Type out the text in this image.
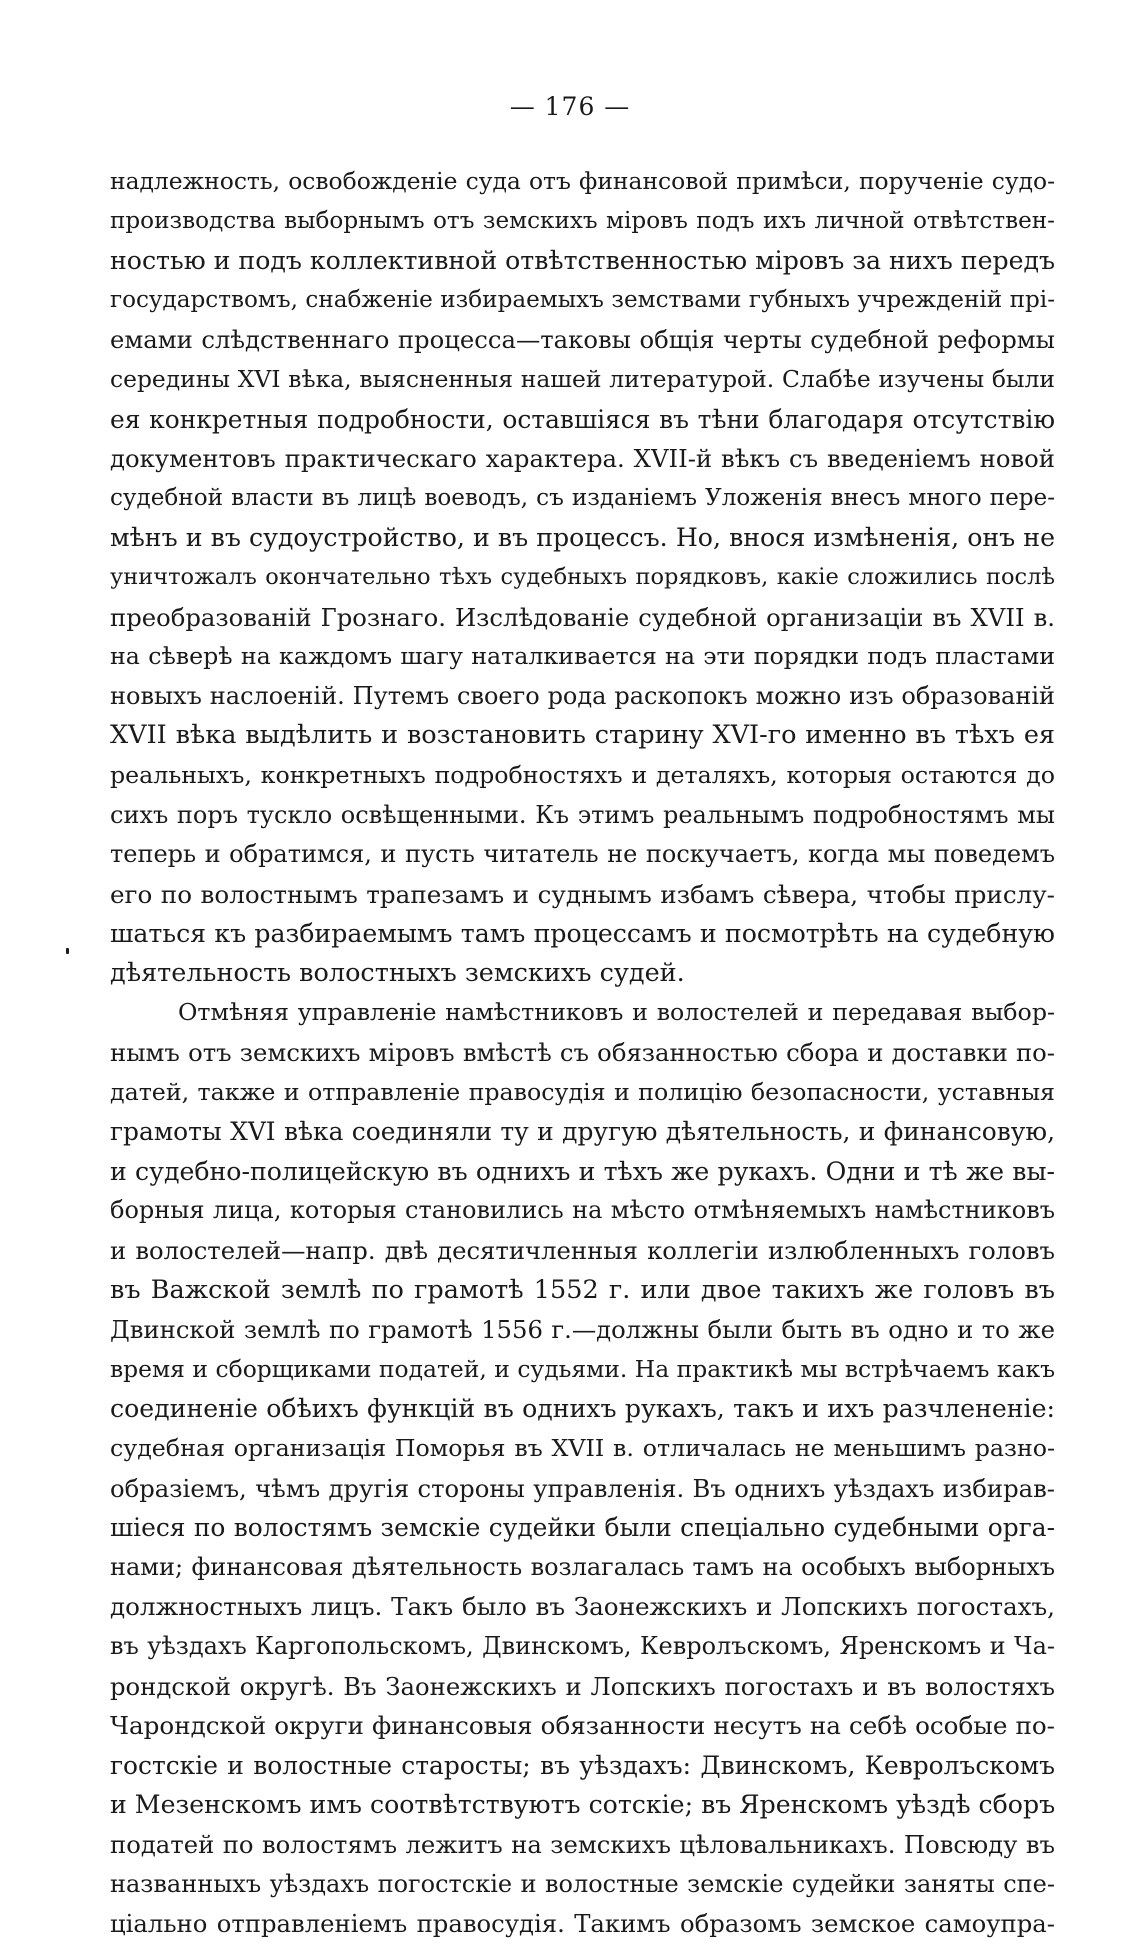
— 176 —
надлежность, освобожденіе суда отъ финансовой примѣси, порученіе судо-
производства выборнымъ отъ земскихъ міровъ подъ ихъ личной отвѣтствен-
ностью и подъ коллективной отвѣтственностью міровъ за нихъ передъ
государствомъ, снабженіе избираемыхъ земствами губныхъ учрежденій прі-
емами слѣдственнаго процесса—таковы общія черты судебной реформы
середины XVI вѣка, выясненныя нашей литературой. Слабѣе изучены были
ея конкретныя подробности, оставшіяся въ тѣни благодаря отсутствію
документовъ практическаго характера. XVII-й вѣкъ съ введеніемъ новой
судебной власти въ лицѣ воеводъ, съ изданіемъ Уложенія внесъ много пере-
мѣнъ и въ судоустройство, и въ процессъ. Но, внося измѣненія, онъ не
уничтожалъ окончательно тѣхъ судебныхъ порядковъ, какіе сложились послѣ
преобразованій Грознаго. Изслѣдованіе судебной организаціи въ XVII в.
на сѣверѣ на каждомъ шагу наталкивается на эти порядки подъ пластами
новыхъ наслоеній. Путемъ своего рода раскопокъ можно изъ образованій
XVII вѣка выдѣлить и возстановить старину XVI-го именно въ тѣхъ ея
реальныхъ, конкретныхъ подробностяхъ и деталяхъ, которыя остаются до
сихъ поръ тускло освѣщенными. Къ этимъ реальнымъ подробностямъ мы
теперь и обратимся, и пусть читатель не поскучаетъ, когда мы поведемъ
его по волостнымъ трапезамъ и суднымъ избамъ сѣвера, чтобы прислу-
шаться къ разбираемымъ тамъ процессамъ и посмотрѣть на судебную
дѣятельность волостныхъ земскихъ судей.
Отмѣняя управленіе намѣстниковъ и волостелей и передавая выбор-
нымъ отъ земскихъ міровъ вмѣстѣ съ обязанностью сбора и доставки по-
датей, также и отправленіе правосудія и полицію безопасности, уставныя
грамоты XVI вѣка соединяли ту и другую дѣятельность, и финансовую,
и судебно-полицейскую въ однихъ и тѣхъ же рукахъ. Одни и тѣ же вы-
борныя лица, которыя становились на мѣсто отмѣняемыхъ намѣстниковъ
и волостелей—напр. двѣ десятичленныя коллегіи излюбленныхъ головъ
въ Важской землѣ по грамотѣ 1552 г. или двое такихъ же головъ въ
Двинской землѣ по грамотѣ 1556 г.—должны были быть въ одно и то же
время и сборщиками податей, и судьями. На практикѣ мы встрѣчаемъ какъ
соединеніе обѣихъ функцій въ однихъ рукахъ, такъ и ихъ разчлененіе:
судебная организація Поморья въ XVII в. отличалась не меньшимъ разно-
образіемъ, чѣмъ другія стороны управленія. Въ однихъ уѣздахъ избирав-
шіеся по волостямъ земскіе судейки были спеціально судебными орга-
нами; финансовая дѣятельность возлагалась тамъ на особыхъ выборныхъ
должностныхъ лицъ. Такъ было въ Заонежскихъ и Лопскихъ погостахъ,
въ уѣздахъ Каргопольскомъ, Двинскомъ, Кевролъскомъ, Яренскомъ и Ча-
рондской округѣ. Въ Заонежскихъ и Лопскихъ погостахъ и въ волостяхъ
Чарондской округи финансовыя обязанности несутъ на себѣ особые по-
гостскіе и волостные старосты; въ уѣздахъ: Двинскомъ, Кевролъскомъ
и Мезенскомъ имъ соотвѣтствуютъ сотскіе; въ Яренскомъ уѣздѣ сборъ
податей по волостямъ лежитъ на земскихъ цѣловальникахъ. Повсюду въ
названныхъ уѣздахъ погостскіе и волостные земскіе судейки заняты спе-
ціально отправленіемъ правосудія. Такимъ образомъ земское самоупра-
